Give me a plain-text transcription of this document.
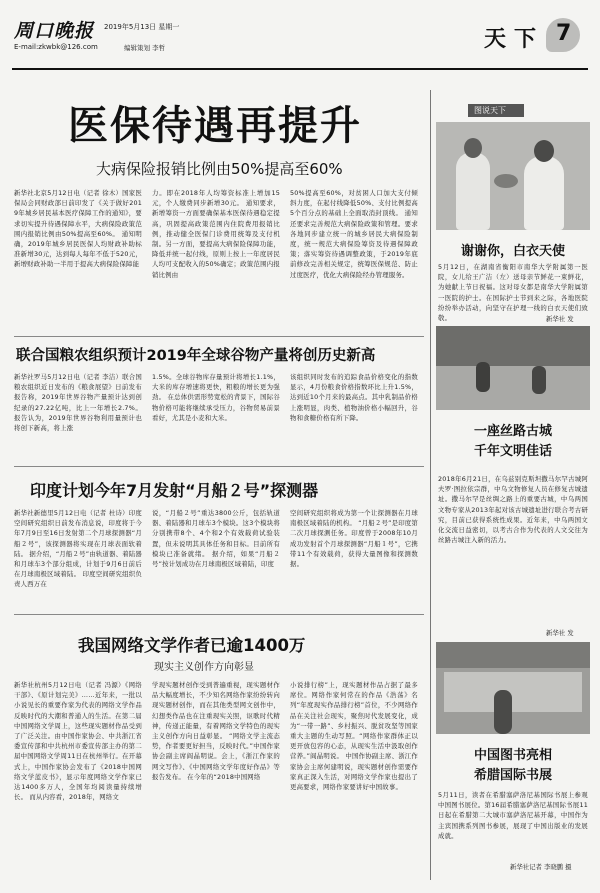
周口晚报 2019年5月13日 星期一
E-mail:zkwbk@126.com	编辑策划 李哲	天下 7
医保待遇再提升
大病保险报销比例由50%提高至60%
新华社北京5月12日电（记者 徐木）国家医保局会同财政部日前印发了《关于做好2019年城乡居民基本医疗保障工作的通知》，要求切实提升待遇保障水平，大病保险政策范围内报销比例由50%提高至60%。 通知明确，2019年城乡居民医保人均财政补助标准新增30元，达到每人每年不低于520元，新增财政补助一半用于提高大病保险保障能
力。即在2018年人均筹资标准上增加15元，个人缴费同步新增30元。 通知要求，新增筹资一方面要确保基本医保待遇稳定提高，巩固提高政策范围内住院费用报销比例，推动健全医保门诊费用统筹及支付机制。另一方面，要提高大病保险保障功能，降低并统一起付线，原则上按上一年度居民人均可支配收入的50%确定；政策范围内报销比例由
50%提高至60%，对贫困人口加大支付倾斜力度，在起付线降低50%、支付比例提高5个百分点的基础上全面取消封顶线。 通知还要求完善规范大病保险政策和管理。要求各地同步建立统一的城乡居民大病保险制度，统一规范大病保险筹资及待遇保障政策；落实筹资待遇调整政策，于2019年底前修改完善相关规定，统筹医保规范、防止过度医疗，优化大病保险经办管理服务。
联合国粮农组织预计2019年全球谷物产量将创历史新高
新华社罗马5月12日电（记者 李洁）联合国粮农组织近日发布的《粮食展望》日前发布报告称，2019年世界谷物产量预计达到创纪录的27.22亿吨，比上一年增长2.7%。 报告认为，2019年世界谷物利用量预计也将创下新高，将上涨
1.5%。全球谷物库存量预计将增长1.1%，大米的库存增速将更快，粗粮的增长更为强劲。 在总体供需形势宽松的背景下，国际谷物价格可能将继续承受压力，谷物贸易前景看好，尤其是小麦和大米。
该组织同时发布的追踪食品价格变化的指数显示，4月份粮食价格指数环比上升1.5%，达到近10个月来的最高点。其中乳制品价格上涨明显，肉类、植物油价格小幅回升，谷物和食糖价格有所下降。
印度计划今年7月发射“月船２号”探测器
新华社新德里5月12日电（记者 杜诗）印度空间研究组织日前发布消息说，印度将于今年7月9日至16日发射第二个月球探测器“月船２号”，该探测器将实现在月球表面软着陆。 据介绍，“月船２号”由轨道器、着陆器和月球车3个部分组成，计划于9月6日前后在月球南极区域着陆。 印度空间研究组织负责人西万在
说，“月船２号”重达3800公斤，包括轨道器、着陆器和月球车3个模块。这3个模块将分别携带8个、4个和2个有效载荷试验装置，但未说明其具体任务和目标。目前所有模块已准备就绪。 据介绍，如果“月船２号”按计划成功在月球南极区域着陆，印度
空间研究组织将成为第一个让探测器在月球南极区域着陆的机构。 “月船２号”是印度第二次月球探测任务。印度曾于2008年10月成功发射首个月球探测器“月船１号”，它携带11个有效载荷，获得大量图像和探测数据。
我国网络文学作者已逾1400万
现实主义创作方向彰显
新华社杭州5月12日电（记者 冯源）《网络干部》、《原计划完美》……近年来，一批以小说见长的重要作家为代表的网络文学作品反映时代的大潮和普通人的生活。在第二届中国网络文学周上，这些现实题材作品受到了广泛关注。由中国作家协会、中共浙江省委宣传部和中共杭州市委宣传部主办的第二届中国网络文学周11日在杭州举行。在开幕式上，中国作家协会发布了《2018中国网络文学蓝皮书》，显示年度网络文学作家已达1400多万人，全国年均阅读量持续增长。 而从内容看，2018年，网络文
学现实题材创作受到普遍重视，现实题材作品大幅度增长，不少知名网络作家纷纷转向现实题材创作，而在其他类型网文创作中，幻想类作品也在注重现实关照，讴歌时代精神，传递正能量，有着网络文学特色的现实主义创作方向日益彰显。 “网络文学主流态势，作者要更好担当，反映时代。”中国作家协会副主席阎晶明说。会上，《浙江作家的网文写作》、《中国网络文学年度好作品》等报告发布。 在今年的“2018中国网络
小说排行榜”上，现实题材作品占据了最多席位。网络作家何常在的作品《浩荡》名列“年度现实作品排行榜”首位，不少网络作品在关注社会现实，聚焦时代发展变化，成为“一带一路”、乡村振兴、脱贫攻坚等国家重大主题的生动写照。“网络作家群体正以更开放包容的心态，从现实生活中汲取创作营养。”阎晶明说。 中国作协副主席、浙江作家协会主席何建明说，现实题材创作需要作家真正深入生活，对网络文学作家也提出了更高要求，网络作家要讲好中国故事。
图说天下
谢谢你，白衣天使
5月12日，在湖南省衡阳市南华大学附属第一医院，女儿给王广洁（左）送母亲节鲜花一束鲜花，为她献上节日祝福。这对母女都是南华大学附属第一医院的护士。在国际护士节到来之际，各地医院纷纷举办活动，向坚守在护理一线的白衣天使们致敬。	新华社 发
一座丝路古城
千年文明佳话
2018年6月21日，在乌兹别克斯坦撒马尔罕古城阿夫罗·图拉依宗群，中乌文物修复人员在修复古城遗址。撒马尔罕是丝绸之路上的重要古城，中乌两国文物专家从2013年起对该古城遗址进行联合考古研究，目前已获得系统性成果。近年来，中乌两国文化交流日益密切，以考古合作为代表的人文交往为丝路古城注入新的活力。
新华社 发
中国图书亮相
希腊国际书展
5月11日，读者在希腊塞萨洛尼基国际书展上参观中国图书展位。第16届希腊塞萨洛尼基国际书展11日起在希腊第二大城市塞萨洛尼基开幕，中国作为主宾国携系列图书参展，展现了中国出版业的发展成就。
新华社记者 李晓鹏 摄
